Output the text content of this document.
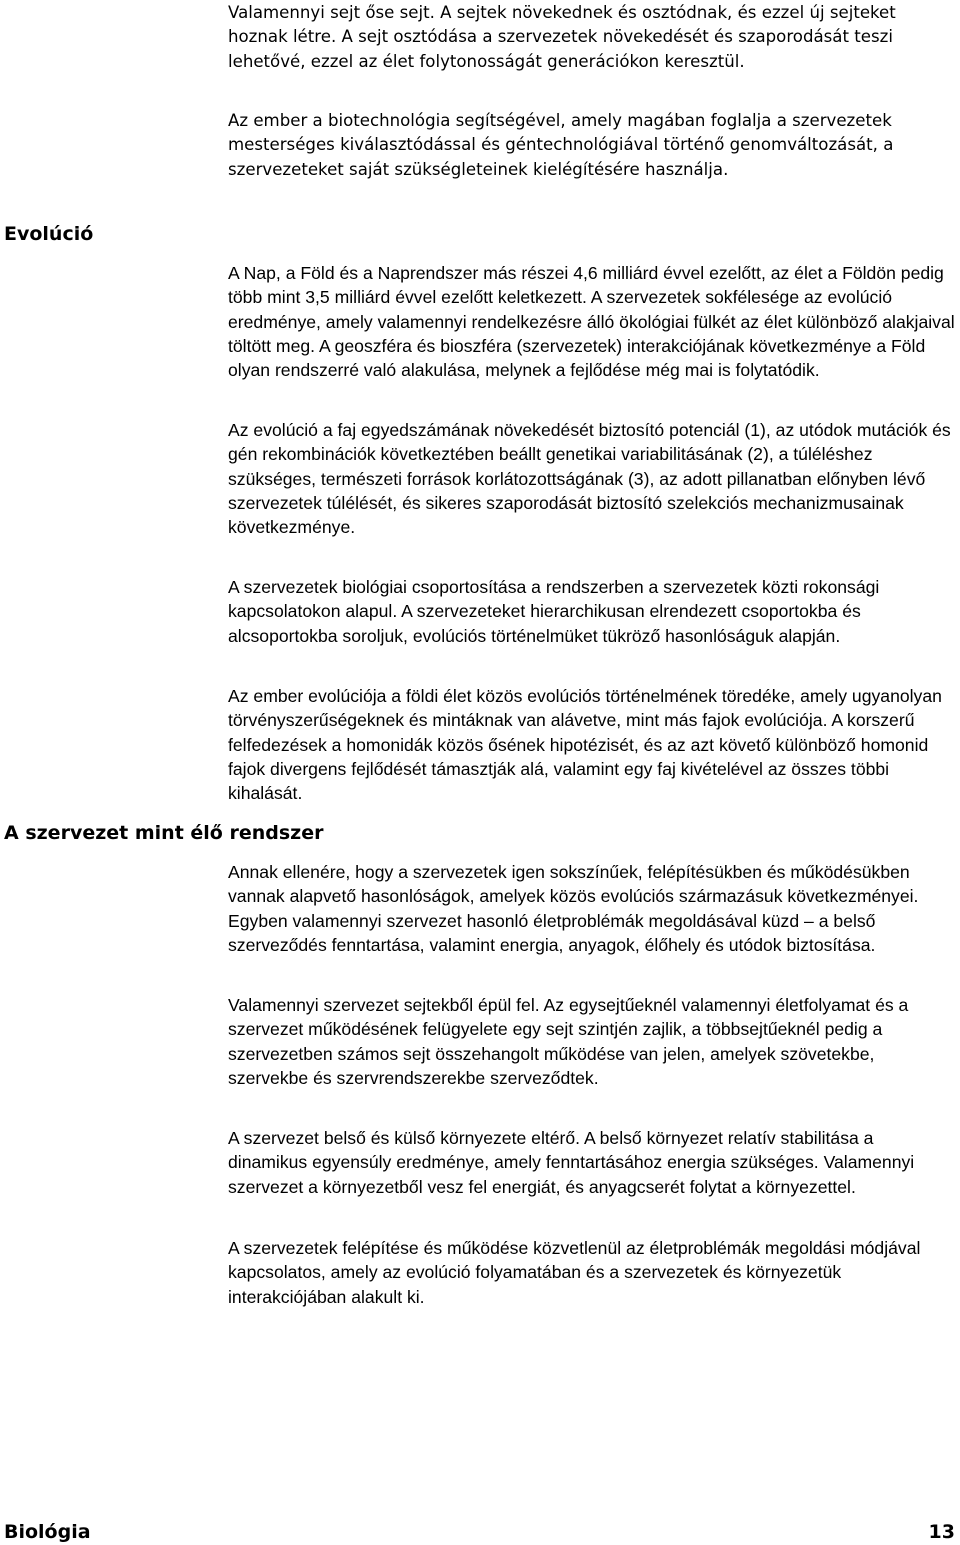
Evolúció
A szervezet mint élő rendszer

Valamennyi sejt őse sejt. A sejtek növekednek és osztódnak, és ezzel új sejteket hoznak létre. A sejt osztódása a szervezetek növekedését és szaporodását teszi lehetővé, ezzel az élet folytonosságát generációkon keresztül.

Az ember a biotechnológia segítségével, amely magában foglalja a szervezetek mesterséges kiválasztódással és géntechnológiával történő genomváltozását, a szervezeteket saját szükségleteinek kielégítésére használja.

A Nap, a Föld és a Naprendszer más részei 4,6 milliárd évvel ezelőtt, az élet a Földön pedig több mint 3,5 milliárd évvel ezelőtt keletkezett. A szervezetek sokfélesége az evolúció eredménye, amely valamennyi rendelkezésre álló ökológiai fülkét az élet különböző alakjaival töltött meg. A geoszféra és bioszféra (szervezetek) interakciójának következménye a Föld olyan rendszerré való alakulása, melynek a fejlődése még mai is folytatódik.

Az evolúció a faj egyedszámának növekedését biztosító potenciál (1), az utódok mutációk és gén rekombinációk következtében beállt genetikai variabilitásának (2), a túléléshez szükséges, természeti források korlátozottságának (3), az adott pillanatban előnyben lévő szervezetek túlélését, és sikeres szaporodását biztosító szelekciós mechanizmusainak következménye.

A szervezetek biológiai csoportosítása a rendszerben a szervezetek közti rokonsági kapcsolatokon alapul. A szervezeteket hierarchikusan elrendezett csoportokba és alcsoportokba soroljuk, evolúciós történelmüket tükröző hasonlóságuk alapján.

Az ember evolúciója a földi élet közös evolúciós történelmének töredéke, amely ugyanolyan törvényszerűségeknek és mintáknak van alávetve, mint más fajok evolúciója. A korszerű felfedezések a homonidák közös ősének hipotézisét, és az azt követő különböző homonid fajok divergens fejlődését támasztják alá, valamint egy faj kivételével az összes többi kihalását.

Annak ellenére, hogy a szervezetek igen sokszínűek, felépítésükben és működésükben vannak alapvető hasonlóságok, amelyek közös evolúciós származásuk következményei. Egyben valamennyi szervezet hasonló életproblémák megoldásával küzd – a belső szerveződés fenntartása, valamint energia, anyagok, élőhely és utódok biztosítása.

Valamennyi szervezet sejtekből épül fel. Az egysejtűeknél valamennyi életfolyamat és a szervezet működésének felügyelete egy sejt szintjén zajlik, a többsejtűeknél pedig a szervezetben számos sejt összehangolt működése van jelen, amelyek szövetekbe, szervekbe és szervrendszerekbe szerveződtek.

A szervezet belső és külső környezete eltérő. A belső környezet relatív stabilitása a dinamikus egyensúly eredménye, amely fenntartásához energia szükséges. Valamennyi szervezet a környezetből vesz fel energiát, és anyagcserét folytat a környezettel.

A szervezetek felépítése és működése közvetlenül az életproblémák megoldási módjával kapcsolatos, amely az evolúció folyamatában és a szervezetek és környezetük interakciójában alakult ki.

Biológia	13
